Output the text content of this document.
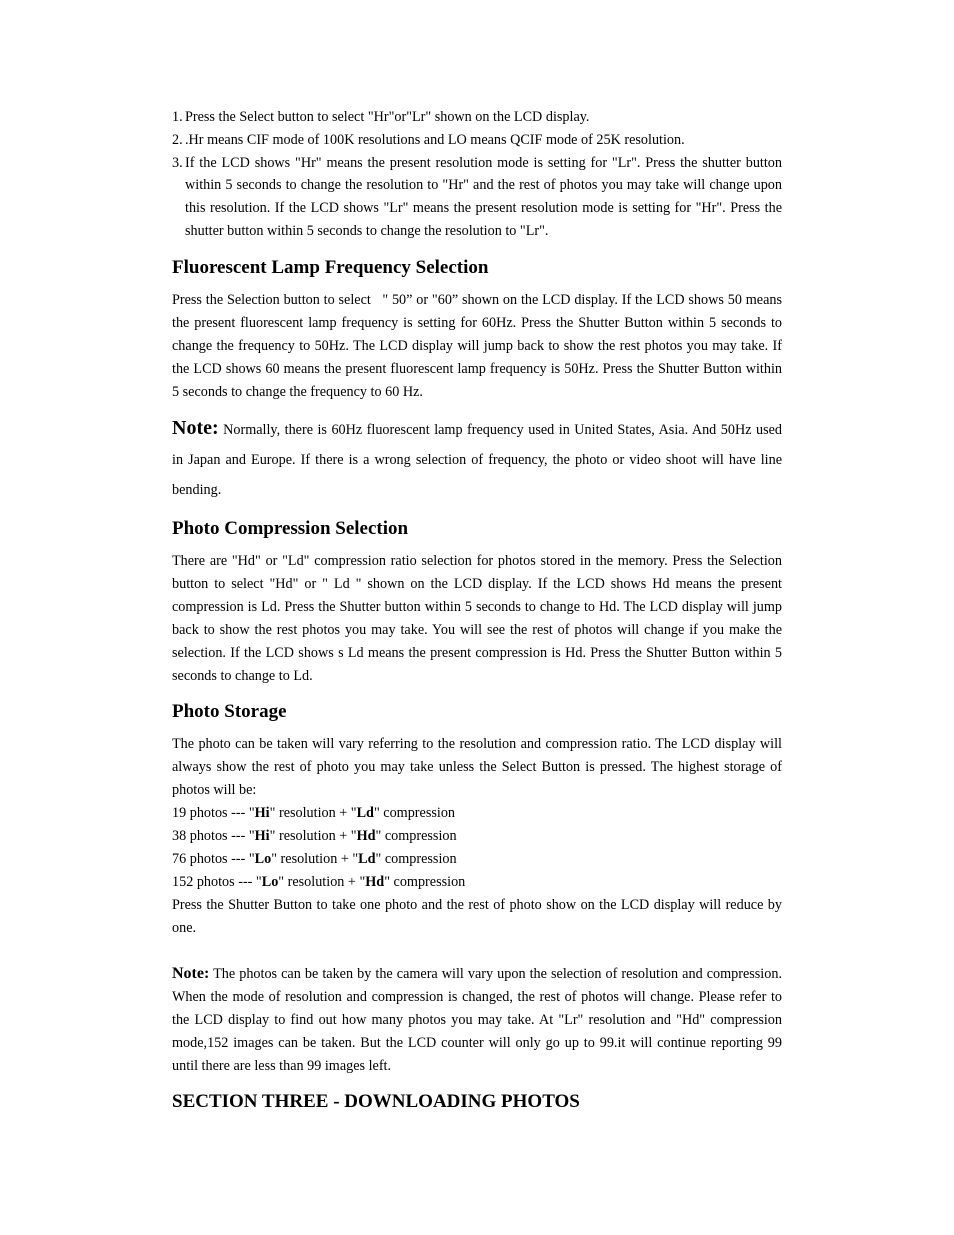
1. Press the Select button to select "Hr"or"Lr" shown on the LCD display.
2. .Hr means CIF mode of 100K resolutions and LO means QCIF mode of 25K resolution.
3. If the LCD shows "Hr" means the present resolution mode is setting for "Lr". Press the shutter button within 5 seconds to change the resolution to "Hr" and the rest of photos you may take will change upon this resolution. If the LCD shows "Lr" means the present resolution mode is setting for "Hr". Press the shutter button within 5 seconds to change the resolution to "Lr".
Fluorescent Lamp Frequency Selection

Press the Selection button to select   " 50” or "60” shown on the LCD display. If the LCD shows 50 means the present fluorescent lamp frequency is setting for 60Hz. Press the Shutter Button within 5 seconds to change the frequency to 50Hz. The LCD display will jump back to show the rest photos you may take. If the LCD shows 60 means the present fluorescent lamp frequency is 50Hz. Press the Shutter Button within 5 seconds to change the frequency to 60 Hz.

Note: Normally, there is 60Hz fluorescent lamp frequency used in United States, Asia. And 50Hz used in Japan and Europe. If there is a wrong selection of frequency, the photo or video shoot will have line bending.

Photo Compression Selection

There are "Hd" or "Ld" compression ratio selection for photos stored in the memory. Press the Selection button to select "Hd" or " Ld " shown on the LCD display. If the LCD shows Hd means the present compression is Ld. Press the Shutter button within 5 seconds to change to Hd. The LCD display will jump back to show the rest photos you may take. You will see the rest of photos will change if you make the selection. If the LCD shows s Ld means the present compression is Hd. Press the Shutter Button within 5 seconds to change to Ld.

Photo Storage

The photo can be taken will vary referring to the resolution and compression ratio. The LCD display will always show the rest of photo you may take unless the Select Button is pressed. The highest storage of photos will be:

19 photos --- "Hi" resolution + "Ld" compression

38 photos --- "Hi" resolution + "Hd" compression

76 photos --- "Lo" resolution + "Ld" compression

152 photos --- "Lo" resolution + "Hd" compression

Press the Shutter Button to take one photo and the rest of photo show on the LCD display will reduce by one.

Note: The photos can be taken by the camera will vary upon the selection of resolution and compression. When the mode of resolution and compression is changed, the rest of photos will change. Please refer to the LCD display to find out how many photos you may take. At "Lr" resolution and "Hd" compression mode,152 images can be taken. But the LCD counter will only go up to 99.it will continue reporting 99 until there are less than 99 images left.

SECTION THREE - DOWNLOADING PHOTOS
